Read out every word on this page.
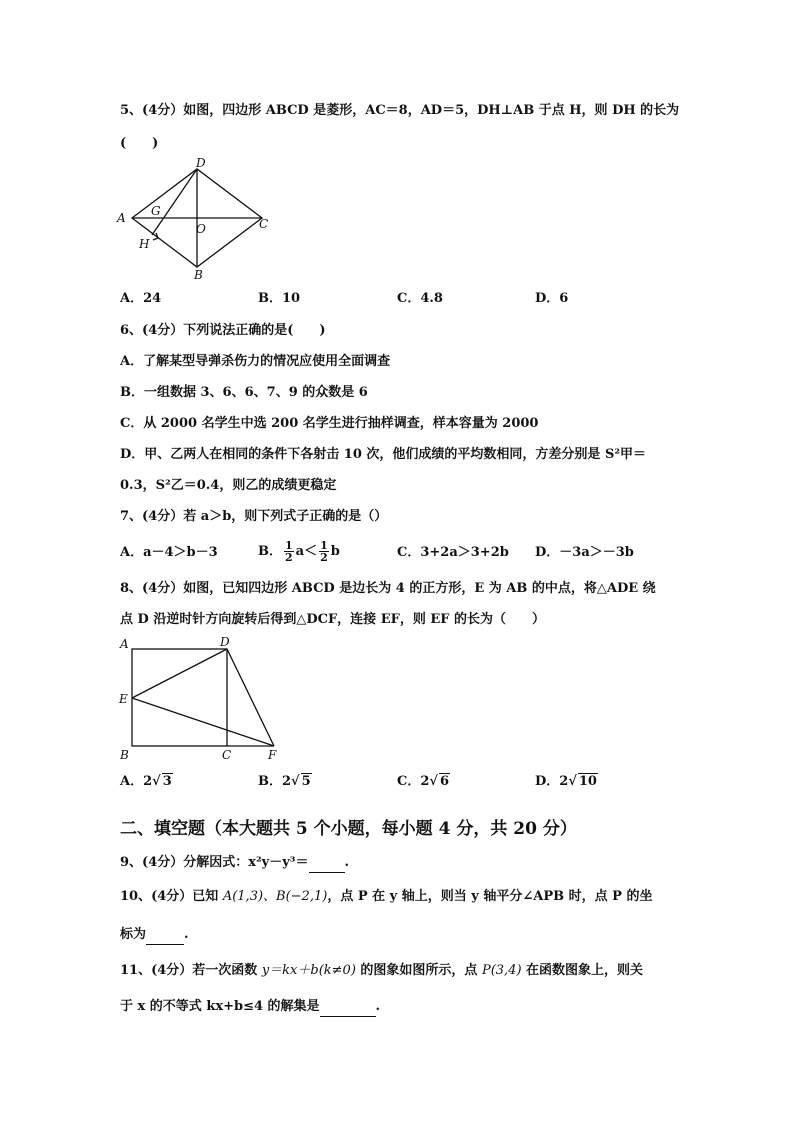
5、(4分）如图，四边形 ABCD 是菱形，AC＝8，AD＝5，DH⊥AB 于点 H，则 DH 的长为
(　　)
A
D
C
B
G
H
O
A．24	B．10	C．4.8	D．6
6、(4分）下列说法正确的是(　　)
A．了解某型导弹杀伤力的情况应使用全面调查
B．一组数据 3、6、6、7、9 的众数是 6
C．从 2000 名学生中选 200 名学生进行抽样调查，样本容量为 2000
D．甲、乙两人在相同的条件下各射击 10 次，他们成绩的平均数相同，方差分别是 S²甲＝
0.3，S²乙＝0.4，则乙的成绩更稳定
7、(4分）若 a＞b，则下列式子正确的是（）
A．a－4＞b－3	B． $\frac{1}{2} a< \frac{1}{2}$ b	C．3+2a＞3+2b D．－3a＞－3b
8、(4分）如图，已知四边形 ABCD 是边长为 4 的正方形，E 为 AB 的中点，将△ADE 绕
点 D 沿逆时针方向旋转后得到△DCF，连接 EF，则 EF 的长为（　　）
A	D
E
B	C	F
A．2√ 3	B．2√ 5	C．2√ 6	D．2√ 10
二、填空题（本大题共 5 个小题，每小题 4 分，共 20 分）
9、(4分）分解因式：x²y－y³＝	.
10、(4分）已知 A(1,3)、B(−2,1)，点 P 在 y 轴上，则当 y 轴平分∠APB 时，点 P 的坐
标为	.
11、(4分）若一次函数 y＝kx＋b(k≠0) 的图象如图所示，点 P(3,4) 在函数图象上，则关
于 x 的不等式 kx+b≤4 的解集是	.
